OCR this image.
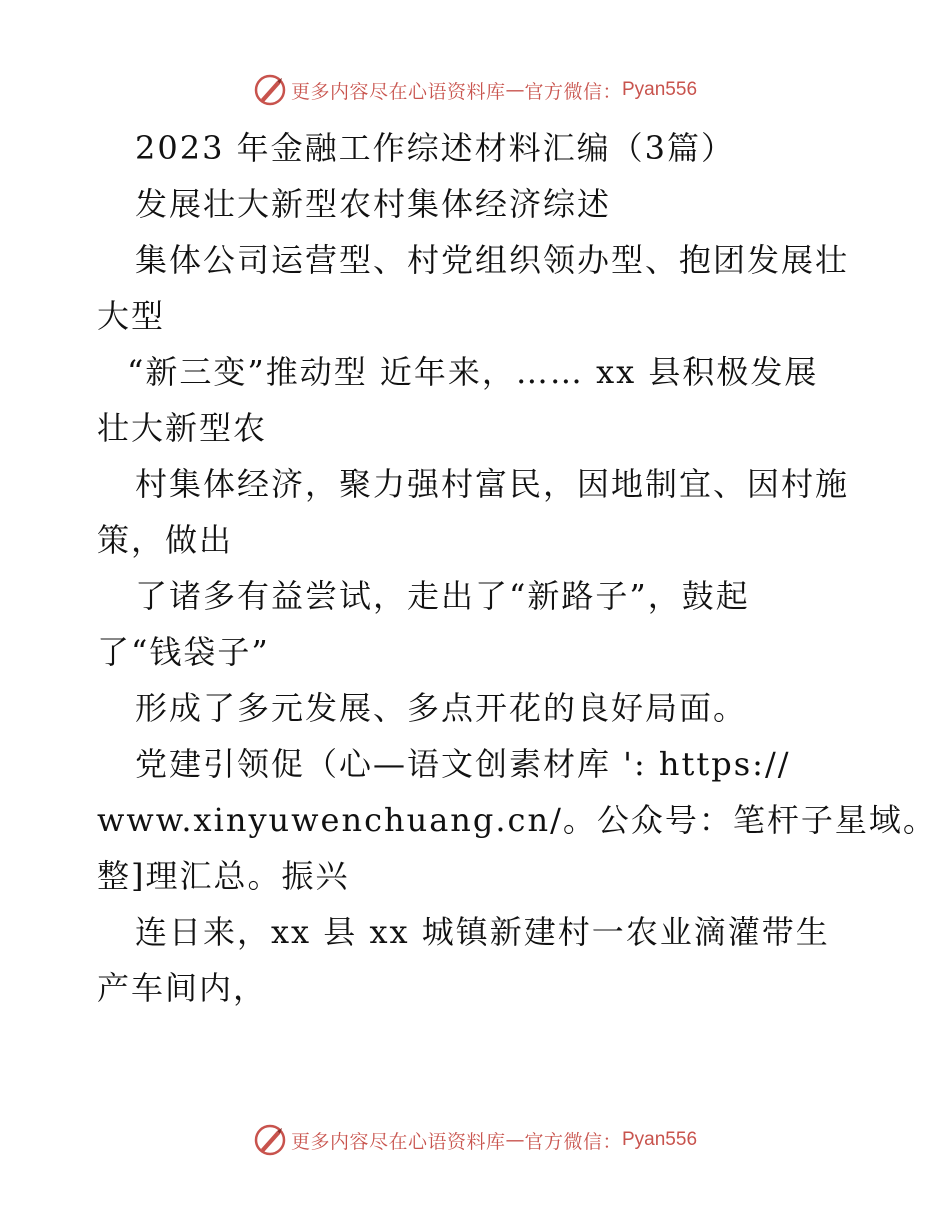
更多内容尽在心语资料库 — 官方微信： Pyan556
2023 年金融工作综述材料汇编（3篇）
发展壮大新型农村集体经济综述
集体公司运营型、村党组织领办型、抱团发展壮
大型
“新三变”推动型 近年来，…… xx 县积极发展
壮大新型农
村集体经济，聚力强村富民，因地制宜、因村施
策，做出
了诸多有益尝试，走出了“新路子”，鼓起
了“钱袋子”
形成了多元发展、多点开花的良好局面。
党建引领促（心—语文创素材库 ': https://
www.xinyuwenchuang.cn/。公众号：笔杆子星域。
整]理汇总。振兴
连日来，xx 县 xx 城镇新建村一农业滴灌带生
产车间内，
更多内容尽在心语资料库 — 官方微信： Pyan556
